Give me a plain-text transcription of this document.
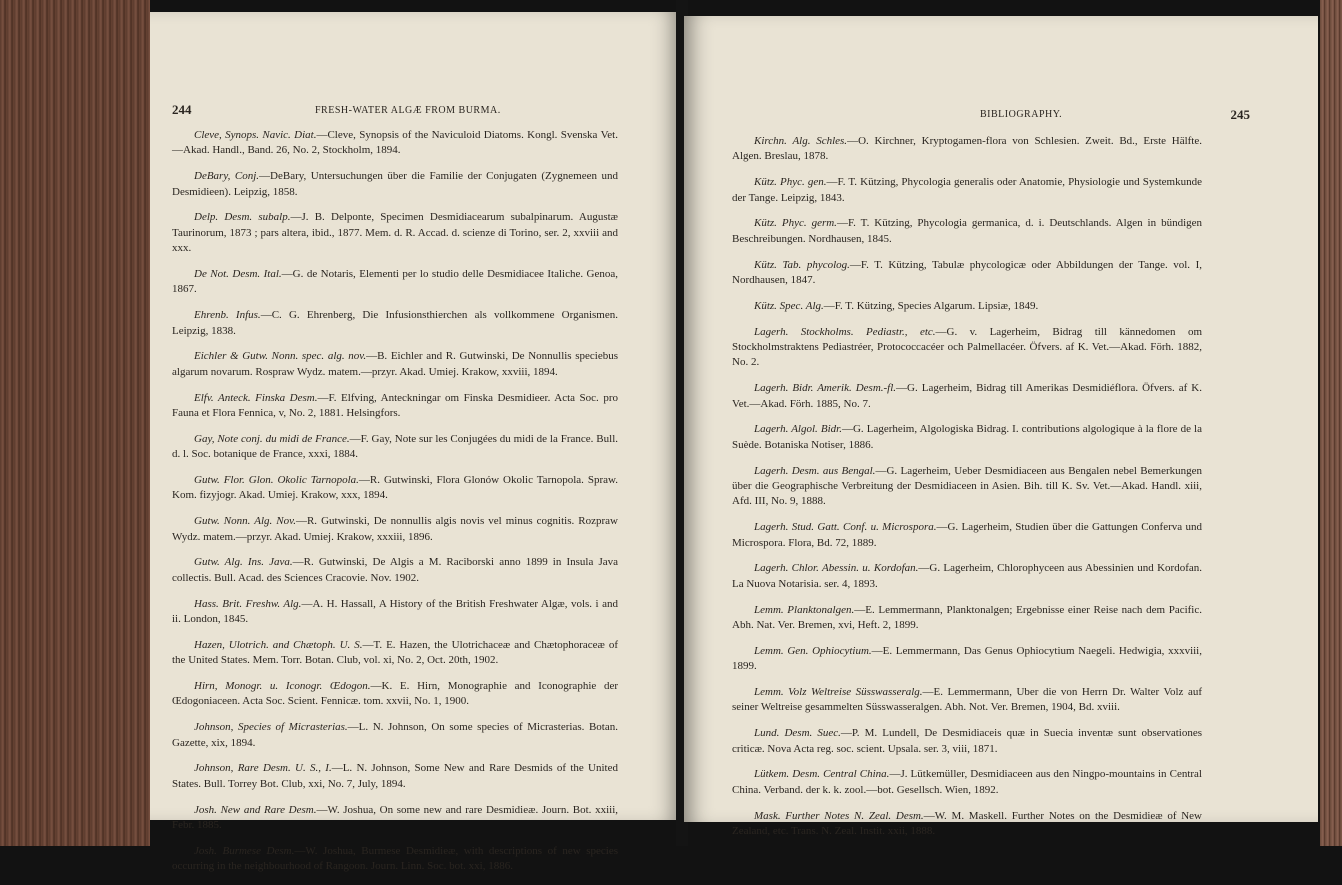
244	FRESH-WATER ALGÆ FROM BURMA.

Cleve, Synops. Navic. Diat.—Cleve, Synopsis of the Naviculoid Diatoms. Kongl. Svenska Vet.—Akad. Handl., Band. 26, No. 2, Stockholm, 1894.

DeBary, Conj.—DeBary, Untersuchungen über die Familie der Conjugaten (Zygnemeen und Desmidieen). Leipzig, 1858.

Delp. Desm. subalp.—J. B. Delponte, Specimen Desmidiacearum subalpinarum. Augustæ Taurinorum, 1873 ; pars altera, ibid., 1877. Mem. d. R. Accad. d. scienze di Torino, ser. 2, xxviii and xxx.

De Not. Desm. Ital.—G. de Notaris, Elementi per lo studio delle Desmidiacee Italiche. Genoa, 1867.

Ehrenb. Infus.—C. G. Ehrenberg, Die Infusionsthierchen als vollkommene Organismen. Leipzig, 1838.

Eichler & Gutw. Nonn. spec. alg. nov.—B. Eichler and R. Gutwinski, De Nonnullis speciebus algarum novarum. Rospraw Wydz. matem.—przyr. Akad. Umiej. Krakow, xxviii, 1894.

Elfv. Anteck. Finska Desm.—F. Elfving, Anteckningar om Finska Desmidieer. Acta Soc. pro Fauna et Flora Fennica, v, No. 2, 1881. Helsingfors.

Gay, Note conj. du midi de France.—F. Gay, Note sur les Conjugées du midi de la France. Bull. d. l. Soc. botanique de France, xxxi, 1884.

Gutw. Flor. Glon. Okolic Tarnopola.—R. Gutwinski, Flora Glonów Okolic Tarnopola. Spraw. Kom. fizyjogr. Akad. Umiej. Krakow, xxx, 1894.

Gutw. Nonn. Alg. Nov.—R. Gutwinski, De nonnullis algis novis vel minus cognitis. Rozpraw Wydz. matem.—przyr. Akad. Umiej. Krakow, xxxiii, 1896.

Gutw. Alg. Ins. Java.—R. Gutwinski, De Algis a M. Raciborski anno 1899 in Insula Java collectis. Bull. Acad. des Sciences Cracovie. Nov. 1902.

Hass. Brit. Freshw. Alg.—A. H. Hassall, A History of the British Freshwater Algæ, vols. i and ii. London, 1845.

Hazen, Ulotrich. and Chætoph. U. S.—T. E. Hazen, the Ulotrichaceæ and Chætophoraceæ of the United States. Mem. Torr. Botan. Club, vol. xi, No. 2, Oct. 20th, 1902.

Hirn, Monogr. u. Iconogr. Œdogon.—K. E. Hirn, Monographie and Iconographie der Œdogoniaceen. Acta Soc. Scient. Fennicæ. tom. xxvii, No. 1, 1900.

Johnson, Species of Micrasterias.—L. N. Johnson, On some species of Micrasterias. Botan. Gazette, xix, 1894.

Johnson, Rare Desm. U. S., I.—L. N. Johnson, Some New and Rare Desmids of the United States. Bull. Torrey Bot. Club, xxi, No. 7, July, 1894.

Josh. New and Rare Desm.—W. Joshua, On some new and rare Desmidieæ. Journ. Bot. xxiii, Febr. 1885.

Josh. Burmese Desm.—W. Joshua, Burmese Desmidieæ, with descriptions of new species occurring in the neighbourhood of Rangoon. Journ. Linn. Soc. bot. xxi, 1886.

BIBLIOGRAPHY.	245

Kirchn. Alg. Schles.—O. Kirchner, Kryptogamen-flora von Schlesien. Zweit. Bd., Erste Hälfte. Algen. Breslau, 1878.

Kütz. Phyc. gen.—F. T. Kützing, Phycologia generalis oder Anatomie, Physiologie und Systemkunde der Tange. Leipzig, 1843.

Kütz. Phyc. germ.—F. T. Kützing, Phycologia germanica, d. i. Deutschlands. Algen in bündigen Beschreibungen. Nordhausen, 1845.

Kütz. Tab. phycolog.—F. T. Kützing, Tabulæ phycologicæ oder Abbildungen der Tange. vol. I, Nordhausen, 1847.

Kütz. Spec. Alg.—F. T. Kützing, Species Algarum. Lipsiæ, 1849.

Lagerh. Stockholms. Pediastr., etc.—G. v. Lagerheim, Bidrag till kännedomen om Stockholmstraktens Pediastréer, Protococcacéer och Palmellacéer. Öfvers. af K. Vet.—Akad. Förh. 1882, No. 2.

Lagerh. Bidr. Amerik. Desm.-fl.—G. Lagerheim, Bidrag till Amerikas Desmidiéflora. Öfvers. af K. Vet.—Akad. Förh. 1885, No. 7.

Lagerh. Algol. Bidr.—G. Lagerheim, Algologiska Bidrag. I. contributions algologique à la flore de la Suède. Botaniska Notiser, 1886.

Lagerh. Desm. aus Bengal.—G. Lagerheim, Ueber Desmidiaceen aus Bengalen nebel Bemerkungen über die Geographische Verbreitung der Desmidiaceen in Asien. Bih. till K. Sv. Vet.—Akad. Handl. xiii, Afd. III, No. 9, 1888.

Lagerh. Stud. Gatt. Conf. u. Microspora.—G. Lagerheim, Studien über die Gattungen Conferva und Microspora. Flora, Bd. 72, 1889.

Lagerh. Chlor. Abessin. u. Kordofan.—G. Lagerheim, Chlorophyceen aus Abessinien und Kordofan. La Nuova Notarisia. ser. 4, 1893.

Lemm. Planktonalgen.—E. Lemmermann, Planktonalgen; Ergebnisse einer Reise nach dem Pacific. Abh. Nat. Ver. Bremen, xvi, Heft. 2, 1899.

Lemm. Gen. Ophiocytium.—E. Lemmermann, Das Genus Ophiocytium Naegeli. Hedwigia, xxxviii, 1899.

Lemm. Volz Weltreise Süsswasseralg.—E. Lemmermann, Uber die von Herrn Dr. Walter Volz auf seiner Weltreise gesammelten Süsswasseralgen. Abh. Not. Ver. Bremen, 1904, Bd. xviii.

Lund. Desm. Suec.—P. M. Lundell, De Desmidiaceis quæ in Suecia inventæ sunt observationes criticæ. Nova Acta reg. soc. scient. Upsala. ser. 3, viii, 1871.

Lütkem. Desm. Central China.—J. Lütkemüller, Desmidiaceen aus den Ningpo-mountains in Central China. Verband. der k. k. zool.—bot. Gesellsch. Wien, 1892.

Mask. Further Notes N. Zeal. Desm.—W. M. Maskell. Further Notes on the Desmidieæ of New Zealand, etc. Trans. N. Zeal. Instit. xxii, 1888.
